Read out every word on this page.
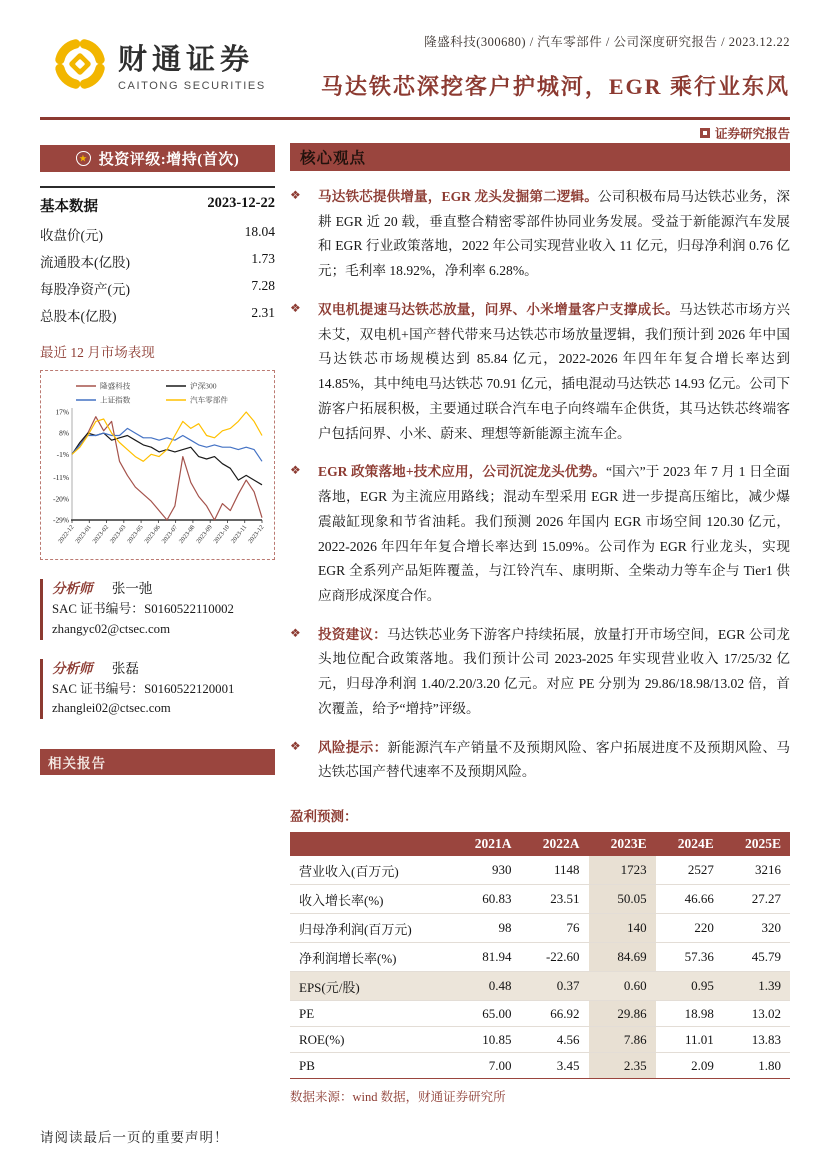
财通证券
CAITONG SECURITIES
隆盛科技(300680) / 汽车零部件 / 公司深度研究报告 / 2023.12.22
马达铁芯深挖客户护城河，EGR 乘行业东风
证券研究报告
★
投资评级:增持(首次)
基本数据	2023-12-22
收盘价(元)	18.04
流通股本(亿股)	1.73
每股净资产(元)	7.28
总股本(亿股)	2.31
最近 12 月市场表现
隆盛科技	沪深300
上证指数	汽车零部件
17%
8%
-1%
-11%
-20%
-29%
2022-12
2023-01
2023-02
2023-03
2023-05
2023-06
2023-07
2023-08
2023-09
2023-10
2023-11
2023-12
分析师 张一弛
SAC 证书编号：S0160522110002
zhangyc02@ctsec.com
分析师 张磊
SAC 证书编号：S0160522120001
zhanglei02@ctsec.com
相关报告
核心观点
❖	马达铁芯提供增量，EGR 龙头发掘第二逻辑。公司积极布局马达铁芯业务，深耕 EGR 近 20 载，垂直整合精密零部件协同业务发展。受益于新能源汽车发展和 EGR 行业政策落地，2022 年公司实现营业收入 11 亿元，归母净利润 0.76 亿元；毛利率 18.92%，净利率 6.28%。

❖	双电机提速马达铁芯放量，问界、小米增量客户支撑成长。马达铁芯市场方兴未艾，双电机+国产替代带来马达铁芯市场放量逻辑，我们预计到 2026 年中国马达铁芯市场规模达到 85.84 亿元，2022-2026 年四年年复合增长率达到 14.85%，其中纯电马达铁芯 70.91 亿元，插电混动马达铁芯 14.93 亿元。公司下游客户拓展积极，主要通过联合汽车电子向终端车企供货，其马达铁芯终端客户包括问界、小米、蔚来、理想等新能源主流车企。

❖	EGR 政策落地+技术应用，公司沉淀龙头优势。“国六”于 2023 年 7 月 1 日全面落地，EGR 为主流应用路线；混动车型采用 EGR 进一步提高压缩比，减少爆震敲缸现象和节省油耗。我们预测 2026 年国内 EGR 市场空间 120.30 亿元，2022-2026 年四年年复合增长率达到 15.09%。公司作为 EGR 行业龙头，实现 EGR 全系列产品矩阵覆盖，与江铃汽车、康明斯、全柴动力等车企与 Tier1 供应商形成深度合作。

❖	投资建议：马达铁芯业务下游客户持续拓展，放量打开市场空间，EGR 公司龙头地位配合政策落地。我们预计公司 2023-2025 年实现营业收入 17/25/32 亿元，归母净利润 1.40/2.20/3.20 亿元。对应 PE 分别为 29.86/18.98/13.02 倍，首次覆盖，给予“增持”评级。

❖	风险提示：新能源汽车产销量不及预期风险、客户拓展进度不及预期风险、马达铁芯国产替代速率不及预期风险。

盈利预测：
	2021A	2022A	2023E	2024E	2025E
营业收入(百万元)	930	1148	1723	2527	3216
收入增长率(%)	60.83	23.51	50.05	46.66	27.27
归母净利润(百万元)	98	76	140	220	320
净利润增长率(%)	81.94	-22.60	84.69	57.36	45.79
EPS(元/股)	0.48	0.37	0.60	0.95	1.39
PE	65.00	66.92	29.86	18.98	13.02
ROE(%)	10.85	4.56	7.86	11.01	13.83
PB	7.00	3.45	2.35	2.09	1.80
数据来源：wind 数据，财通证券研究所
请阅读最后一页的重要声明！
